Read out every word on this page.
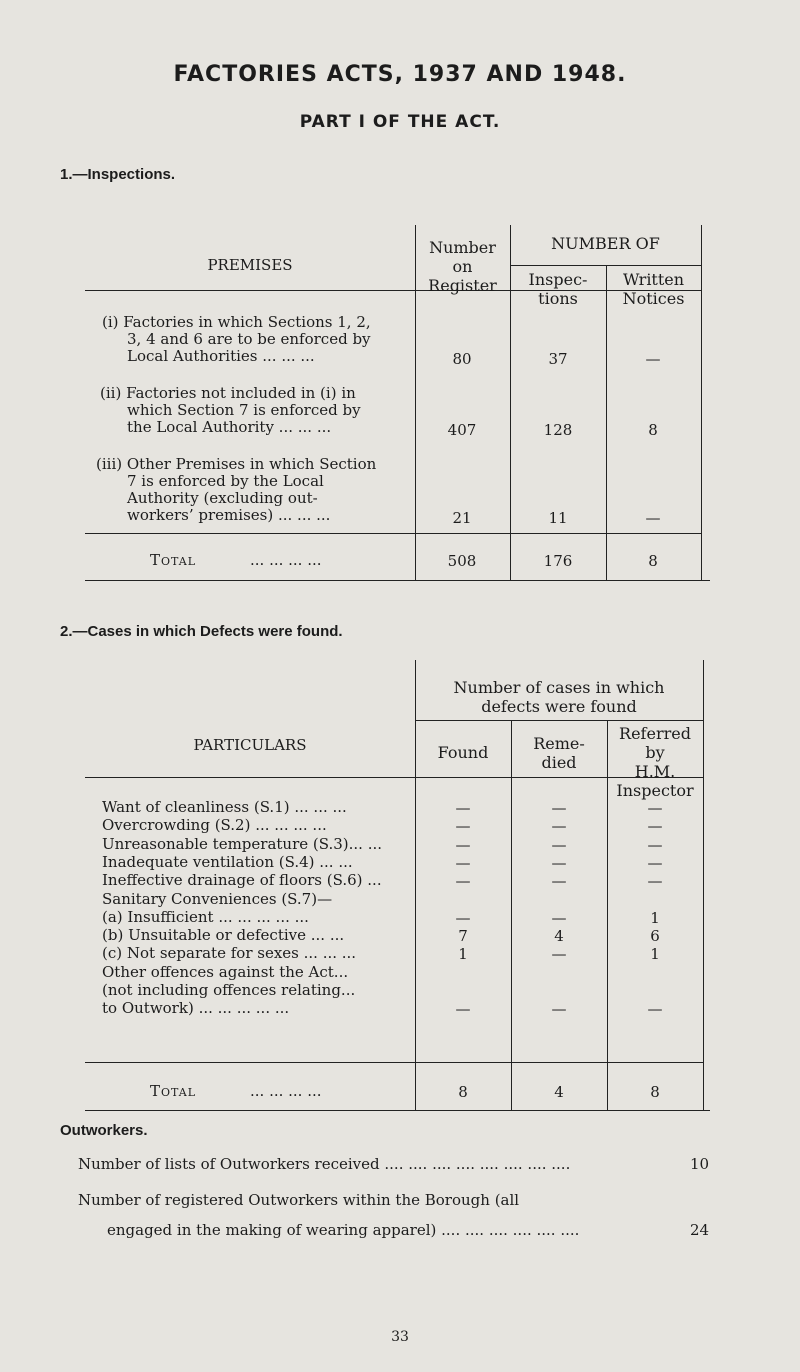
FACTORIES ACTS, 1937 AND 1948.
PART I OF THE ACT.
1.—Inspections.
PREMISES
Number
on
Register
NUMBER OF
Inspec-
tions
Written
Notices
(i) Factories in which Sections 1, 2,
3, 4 and 6 are to be enforced by
Local Authorities ... ... ...	80	37	—
(ii) Factories not included in (i) in
which Section 7 is enforced by
the Local Authority ... ... ...	407	128	8
(iii) Other Premises in which Section
7 is enforced by the Local
Authority (excluding out-
workers’ premises) ... ... ...	21	11	—
Total	... ... ... ...	508	176	8
2.—Cases in which Defects were found.
PARTICULARS
Number of cases in which
defects were found
Found	Reme-
died
Referred
by
H.M.
Inspector
Want of cleanliness (S.1) ... ... ...	—	—	—
Overcrowding (S.2) ... ... ... ...	—	—	—
Unreasonable temperature (S.3)... ...	—	—	—
Inadequate ventilation (S.4) ... ...	—	—	—
Ineffective drainage of floors (S.6) ...	—	—	—
Sanitary Conveniences (S.7)—
(a) Insufficient ... ... ... ... ...	—	—	1
(b) Unsuitable or defective ... ...	7	4	6
(c) Not separate for sexes ... ... ...	1	—	1
Other offences against the Act...
(not including offences relating...
to Outwork) ... ... ... ... ...	—	—	—
Total	... ... ... ...	8	4	8
Outworkers.
Number of lists of Outworkers received .... .... .... .... .... .... .... ....	10
Number of registered Outworkers within the Borough (all
engaged in the making of wearing apparel) .... .... .... .... .... ....	24
33
